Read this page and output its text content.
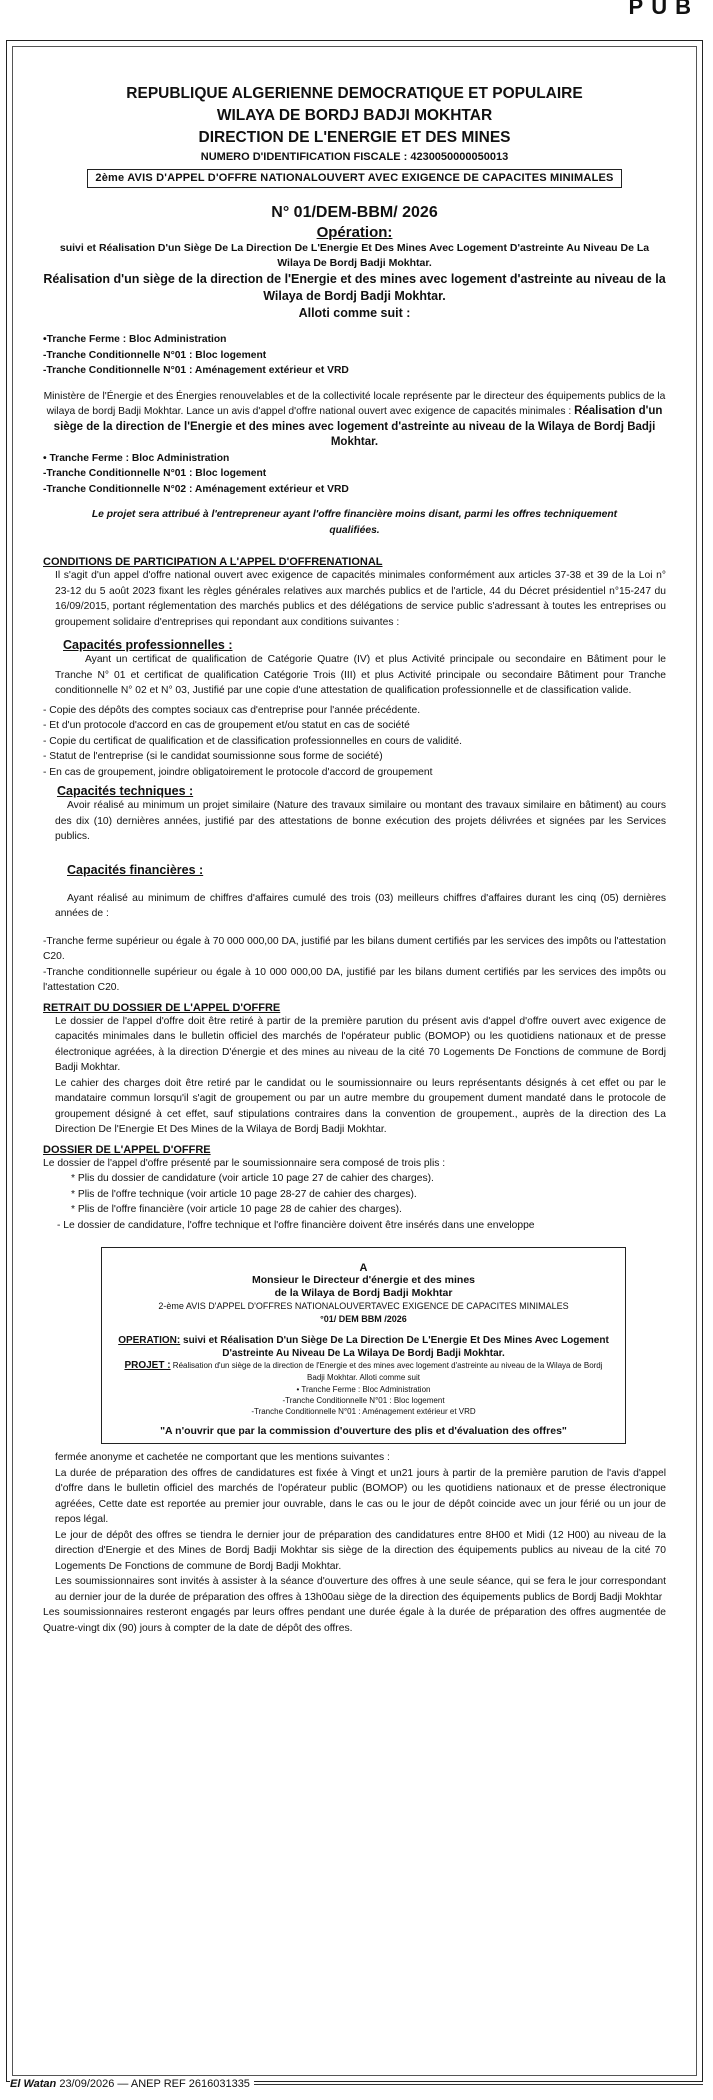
PUB
REPUBLIQUE ALGERIENNE DEMOCRATIQUE ET POPULAIRE
WILAYA DE BORDJ BADJI MOKHTAR
DIRECTION DE L'ENERGIE ET DES MINES
NUMERO D'IDENTIFICATION FISCALE : 4230050000050013
2ème AVIS D'APPEL D'OFFRE NATIONALOUVERT AVEC EXIGENCE DE CAPACITES MINIMALES
N° 01/DEM-BBM/ 2026
Opération:
suivi et Réalisation D'un Siège De La Direction De L'Energie Et Des Mines Avec Logement D'astreinte Au Niveau De La Wilaya De Bordj Badji Mokhtar.
Réalisation d'un siège de la direction de l'Energie et des mines avec logement d'astreinte au niveau de la Wilaya de Bordj Badji Mokhtar.
Alloti comme suit :
•Tranche Ferme : Bloc Administration
-Tranche Conditionnelle N°01 : Bloc logement
-Tranche Conditionnelle N°01 : Aménagement extérieur et VRD
Ministère de l'Énergie et des Énergies renouvelables et de la collectivité locale représente par le directeur des équipements publics de la wilaya de bordj Badji Mokhtar. Lance un avis d'appel d'offre national ouvert avec exigence de capacités minimales : Réalisation d'un siège de la direction de l'Energie et des mines avec logement d'astreinte au niveau de la Wilaya de Bordj Badji Mokhtar.
• Tranche Ferme : Bloc Administration
-Tranche Conditionnelle N°01 : Bloc logement
-Tranche Conditionnelle N°02 : Aménagement extérieur et VRD
Le projet sera attribué à l'entrepreneur ayant l'offre financière moins disant, parmi les offres techniquement qualifiées.
CONDITIONS DE PARTICIPATION A L'APPEL D'OFFRENATIONAL
Il s'agit d'un appel d'offre national ouvert avec exigence de capacités minimales conformément aux articles 37-38 et 39 de la Loi n° 23-12 du 5 août 2023 fixant les règles générales relatives aux marchés publics et de l'article, 44 du Décret présidentiel n°15-247 du 16/09/2015, portant réglementation des marchés publics et des délégations de service public s'adressant à toutes les entreprises ou groupement solidaire d'entreprises qui repondant aux conditions suivantes :
Capacités professionnelles :
Ayant un certificat de qualification de Catégorie Quatre (IV) et plus Activité principale ou secondaire en Bâtiment pour le Tranche N° 01 et certificat de qualification Catégorie Trois (III) et plus Activité principale ou secondaire Bâtiment pour Tranche conditionnelle N° 02 et N° 03, Justifié par une copie d'une attestation de qualification professionnelle et de classification valide.
- Copie des dépôts des comptes sociaux cas d'entreprise pour l'année précédente.
- Et d'un protocole d'accord en cas de groupement et/ou statut en cas de société
- Copie du certificat de qualification et de classification professionnelles en cours de validité.
- Statut de l'entreprise (si le candidat soumissionne sous forme de société)
- En cas de groupement, joindre obligatoirement le protocole d'accord de groupement
Capacités techniques :
Avoir réalisé au minimum un projet similaire (Nature des travaux similaire ou montant des travaux similaire en bâtiment) au cours des dix (10) dernières années, justifié par des attestations de bonne exécution des projets délivrées et signées par les Services publics.
Capacités financières :
Ayant réalisé au minimum de chiffres d'affaires cumulé des trois (03) meilleurs chiffres d'affaires durant les cinq (05) dernières années de :
-Tranche ferme supérieur ou égale à 70 000 000,00 DA, justifié par les bilans dument certifiés par les services des impôts ou l'attestation C20.
-Tranche conditionnelle supérieur ou égale à 10 000 000,00 DA, justifié par les bilans dument certifiés par les services des impôts ou l'attestation C20.
RETRAIT DU DOSSIER DE L'APPEL D'OFFRE
Le dossier de l'appel d'offre doit être retiré à partir de la première parution du présent avis d'appel d'offre ouvert avec exigence de capacités minimales dans le bulletin officiel des marchés de l'opérateur public (BOMOP) ou les quotidiens nationaux et de presse électronique agréées, à la direction D'énergie et des mines au niveau de la cité 70 Logements De Fonctions de commune de Bordj Badji Mokhtar.
Le cahier des charges doit être retiré par le candidat ou le soumissionnaire ou leurs représentants désignés à cet effet ou par le mandataire commun lorsqu'il s'agit de groupement ou par un autre membre du groupement dument mandaté dans le protocole de groupement désigné à cet effet, sauf stipulations contraires dans la convention de groupement., auprès de la direction des La Direction De l'Energie Et Des Mines de la Wilaya de Bordj Badji Mokhtar.
DOSSIER DE L'APPEL D'OFFRE
Le dossier de l'appel d'offre présenté par le soumissionnaire sera composé de trois plis :
* Plis du dossier de candidature (voir article 10 page 27 de cahier des charges).
* Plis de l'offre technique (voir article 10 page 28-27 de cahier des charges).
* Plis de l'offre financière (voir article 10 page 28 de cahier des charges).
- Le dossier de candidature, l'offre technique et l'offre financière doivent être insérés dans une enveloppe
A
Monsieur le Directeur d'énergie et des mines
de la Wilaya de Bordj Badji Mokhtar
2-ème AVIS D'APPEL D'OFFRES NATIONALOUVERTAVEC EXIGENCE DE CAPACITES MINIMALES
°01/ DEM BBM /2026
OPERATION: suivi et Réalisation D'un Siège De La Direction De L'Energie Et Des Mines Avec Logement D'astreinte Au Niveau De La Wilaya De Bordj Badji Mokhtar.
PROJET : Réalisation d'un siège de la direction de l'Energie et des mines avec logement d'astreinte au niveau de la Wilaya de Bordj Badji Mokhtar. Alloti comme suit
• Tranche Ferme : Bloc Administration
-Tranche Conditionnelle N°01 : Bloc logement
-Tranche Conditionnelle N°01 : Aménagement extérieur et VRD
"A n'ouvrir que par la commission d'ouverture des plis et d'évaluation des offres"
fermée anonyme et cachetée ne comportant que les mentions suivantes :
La durée de préparation des offres de candidatures est fixée à Vingt et un21 jours à partir de la première parution de l'avis d'appel d'offre dans le bulletin officiel des marchés de l'opérateur public (BOMOP) ou les quotidiens nationaux et de presse électronique agréées, Cette date est reportée au premier jour ouvrable, dans le cas ou le jour de dépôt coincide avec un jour férié ou un jour de repos légal.
Le jour de dépôt des offres se tiendra le dernier jour de préparation des candidatures entre 8H00 et Midi (12 H00) au niveau de la direction d'Energie et des Mines de Bordj Badji Mokhtar sis siège de la direction des équipements publics au niveau de la cité 70 Logements De Fonctions de commune de Bordj Badji Mokhtar.
Les soumissionnaires sont invités à assister à la séance d'ouverture des offres à une seule séance, qui se fera le jour correspondant au dernier jour de la durée de préparation des offres à 13h00au siège de la direction des équipements publics de Bordj Badji Mokhtar
Les soumissionnaires resteront engagés par leurs offres pendant une durée égale à la durée de préparation des offres augmentée de Quatre-vingt dix (90) jours à compter de la date de dépôt des offres.
El Watan 23/09/2026 — ANEP REF 2616031335
